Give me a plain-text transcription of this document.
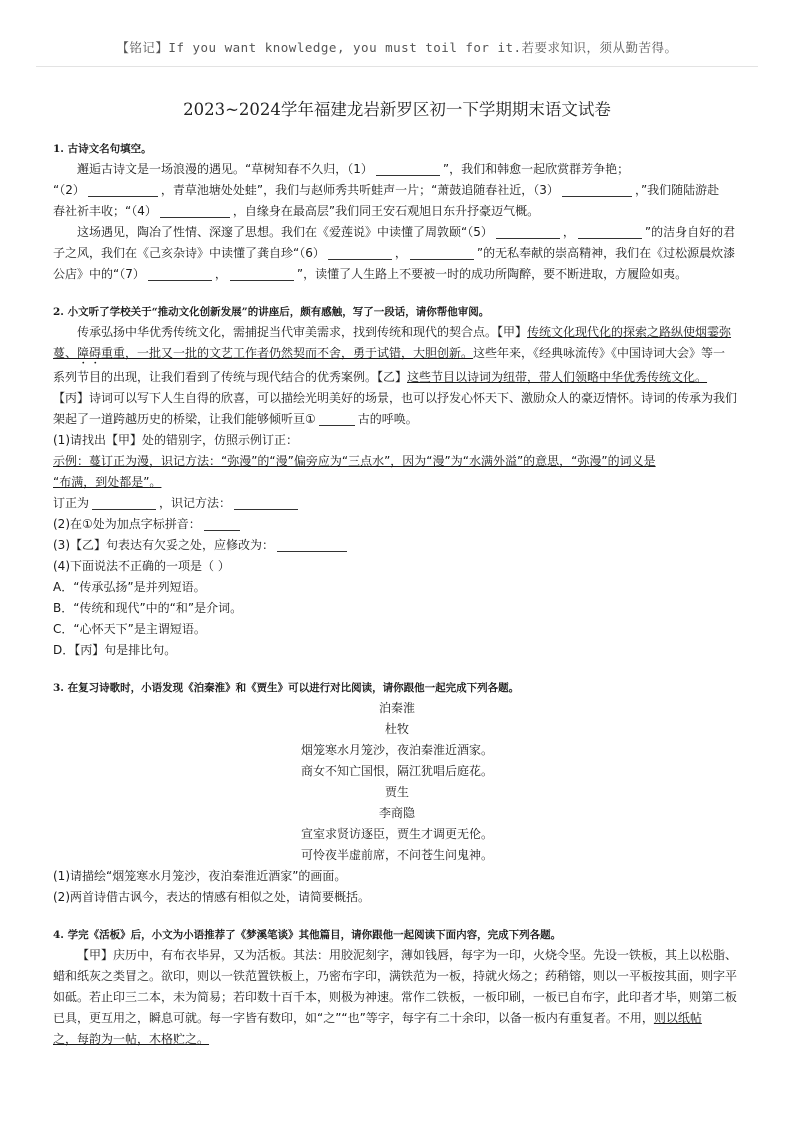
【铭记】If you want knowledge, you must toil for it.若要求知识，须从勤苦得。
2023~2024学年福建龙岩新罗区初一下学期期末语文试卷
1. 古诗文名句填空。

邂逅古诗文是一场浪漫的遇见。“草树知春不久归，（1）	”，我们和韩愈一起欣赏群芳争艳；
“（2）	，青草池塘处处蛙”，我们与赵师秀共听蛙声一片；“萧鼓追随春社近，（3）	，”我们随陆游赴
春社祈丰收；“（4）	，自缘身在最高层”我们同王安石观旭日东升抒豪迈气概。

这场遇见，陶冶了性情、深邃了思想。我们在《爱莲说》中读懂了周敦颐“（5）	，	”的洁身自好的君
子之风，我们在《己亥杂诗》中读懂了龚自珍“（6）	，	”的无私奉献的崇高精神，我们在《过松源晨炊漆
公店》中的“（7）	，	”，读懂了人生路上不要被一时的成功所陶醉，要不断进取，方履险如夷。

2. 小文听了学校关于“推动文化创新发展”的讲座后，颇有感触，写了一段话，请你帮他审阅。

传承弘扬中华优秀传统文化，需捕捉当代审美需求，找到传统和现代的契合点。【甲】传统文化现代化的探索之路纵使烟霎弥
蔓、障碍重重，一批又一批的文艺工作者仍然契而不舍，勇于试错，大胆创新。这些年来，《经典咏流传》《中国诗词大会》等一
系列节目的出现，让我们看到了传统与现代结合的优秀案例。【乙】这些节目以诗词为纽带，带人们领略中华优秀传统文化。

【丙】诗词可以写下人生自得的欣喜，可以描绘光明美好的场景，也可以抒发心怀天下、激励众人的豪迈情怀。诗词的传承为我们

架起了一道跨越历史的桥梁，让我们能够倾听亘①	古的呼唤。

(1)请找出【甲】处的错别字，仿照示例订正：

示例：蔓订正为漫，识记方法：“弥漫”的“漫”偏旁应为“三点水”，因为“漫”为“水满外溢”的意思，“弥漫”的词义是

“布满，到处都是”。

订正为	，识记方法：

(2)在①处为加点字标拼音：

(3)【乙】句表达有欠妥之处，应修改为：

(4)下面说法不正确的一项是（ ）

A．“传承弘扬”是并列短语。

B．“传统和现代”中的“和”是介词。

C．“心怀天下”是主谓短语。

D．【丙】句是排比句。

3. 在复习诗歌时，小语发现《泊秦淮》和《贾生》可以进行对比阅读，请你跟他一起完成下列各题。

泊秦淮

杜牧

烟笼寒水月笼沙，夜泊秦淮近酒家。

商女不知亡国恨，隔江犹唱后庭花。

贾生

李商隐

宣室求贤访逐臣，贾生才调更无伦。

可怜夜半虚前席，不问苍生问鬼神。

(1)请描绘“烟笼寒水月笼沙，夜泊秦淮近酒家”的画面。

(2)两首诗借古讽今，表达的情感有相似之处，请简要概括。

4. 学完《活板》后，小文为小语推荐了《梦溪笔谈》其他篇目，请你跟他一起阅读下面内容，完成下列各题。

【甲】庆历中，有布衣毕昇，又为活板。其法：用胶泥刻字，薄如钱唇，每字为一印，火烧令坚。先设一铁板，其上以松脂、

蜡和纸灰之类冒之。欲印，则以一铁范置铁板上，乃密布字印，满铁范为一板，持就火炀之；药稍镕，则以一平板按其面，则字平

如砥。若止印三二本，未为简易；若印数十百千本，则极为神速。常作二铁板，一板印刷，一板已自布字，此印者才毕，则第二板

已具，更互用之，瞬息可就。每一字皆有数印，如“之”“也”等字，每字有二十余印，以备一板内有重复者。不用，则以纸帖

之，每韵为一帖，木格贮之。
